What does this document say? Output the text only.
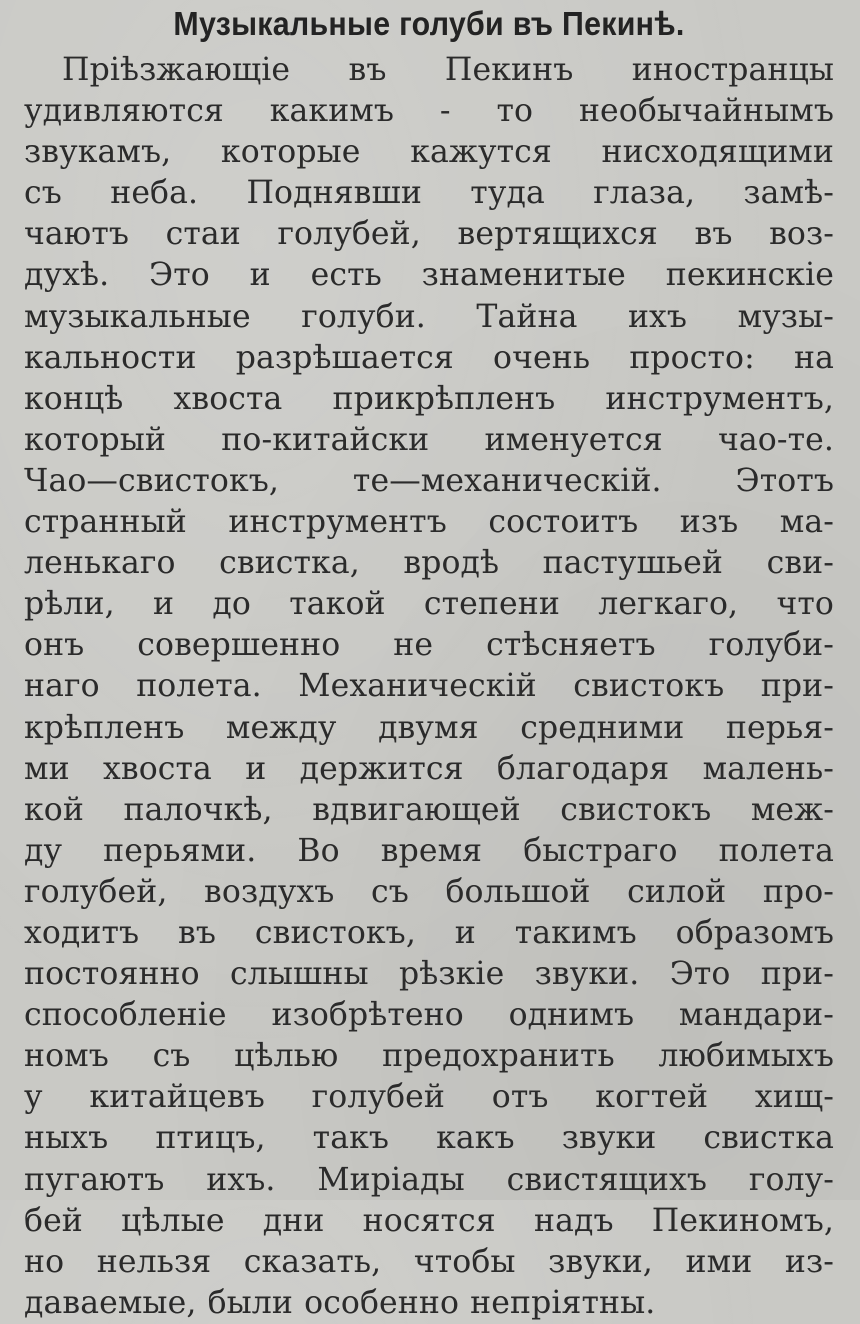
Музыкальные голуби въ Пекинѣ.
Прiѣзжающiе въ Пекинъ иностранцы
удивляются какимъ - то необычайнымъ
звукамъ, которые кажутся нисходящими
съ неба. Поднявши туда глаза, замѣ-
чаютъ стаи голубей, вертящихся въ воз-
духѣ. Это и есть знаменитые пекинскiе
музыкальные голуби. Тайна ихъ музы-
кальности разрѣшается очень просто: на
концѣ хвоста прикрѣпленъ инструментъ,
который по-китайски именуется чао-те.
Чао—свистокъ, те—механическiй. Этотъ
странный инструментъ состоитъ изъ ма-
ленькаго свистка, вродѣ пастушьей сви-
рѣли, и до такой степени легкаго, что
онъ совершенно не стѣсняетъ голуби-
наго полета. Механическiй свистокъ при-
крѣпленъ между двумя средними перья-
ми хвоста и держится благодаря малень-
кой палочкѣ, вдвигающей свистокъ меж-
ду перьями. Во время быстраго полета
голубей, воздухъ съ большой силой про-
ходитъ въ свистокъ, и такимъ образомъ
постоянно слышны рѣзкiе звуки. Это при-
способленiе изобрѣтено однимъ мандари-
номъ съ цѣлью предохранить любимыхъ
у китайцевъ голубей отъ когтей хищ-
ныхъ птицъ, такъ какъ звуки свистка
пугаютъ ихъ. Мирiады свистящихъ голу-
бей цѣлые дни носятся надъ Пекиномъ,
но нельзя сказать, чтобы звуки, ими из-
даваемые, были особенно непрiятны.
